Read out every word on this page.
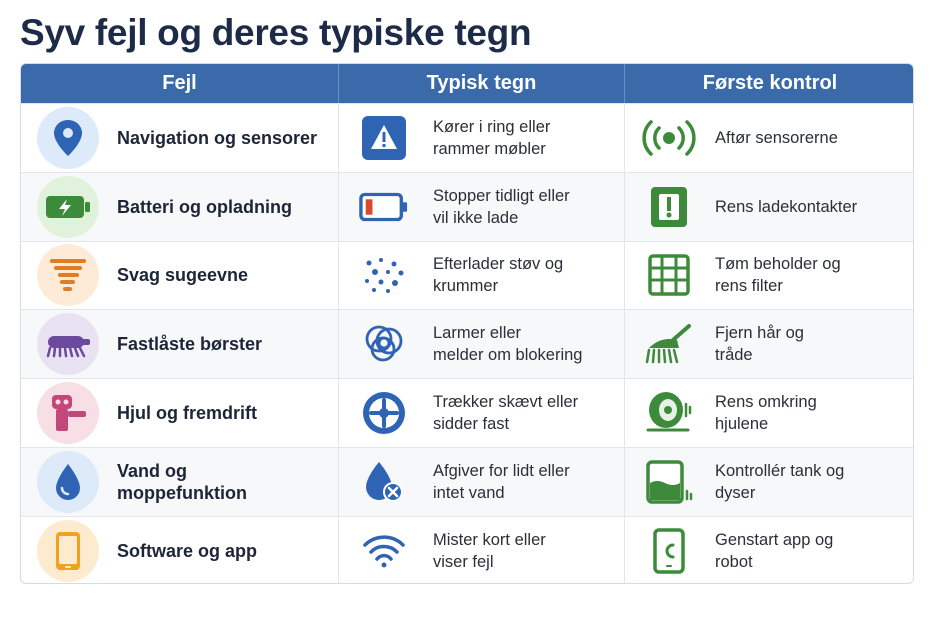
Syv fejl og deres typiske tegn
Fejl	Typisk tegn	Første kontrol
Navigation og sensorer
Kører i ring eller
rammer møbler
Aftør sensorerne
Batteri og opladning
Stopper tidligt eller
vil ikke lade
Rens ladekontakter
Svag sugeevne
Efterlader støv og
krummer
Tøm beholder og
rens filter
Fastlåste børster
Larmer eller
melder om blokering
Fjern hår og
tråde
Hjul og fremdrift
Trækker skævt eller
sidder fast
Rens omkring
hjulene
Vand og
moppefunktion
Afgiver for lidt eller
intet vand
Kontrollér tank og
dyser
Software og app
Mister kort eller
viser fejl
Genstart app og
robot
